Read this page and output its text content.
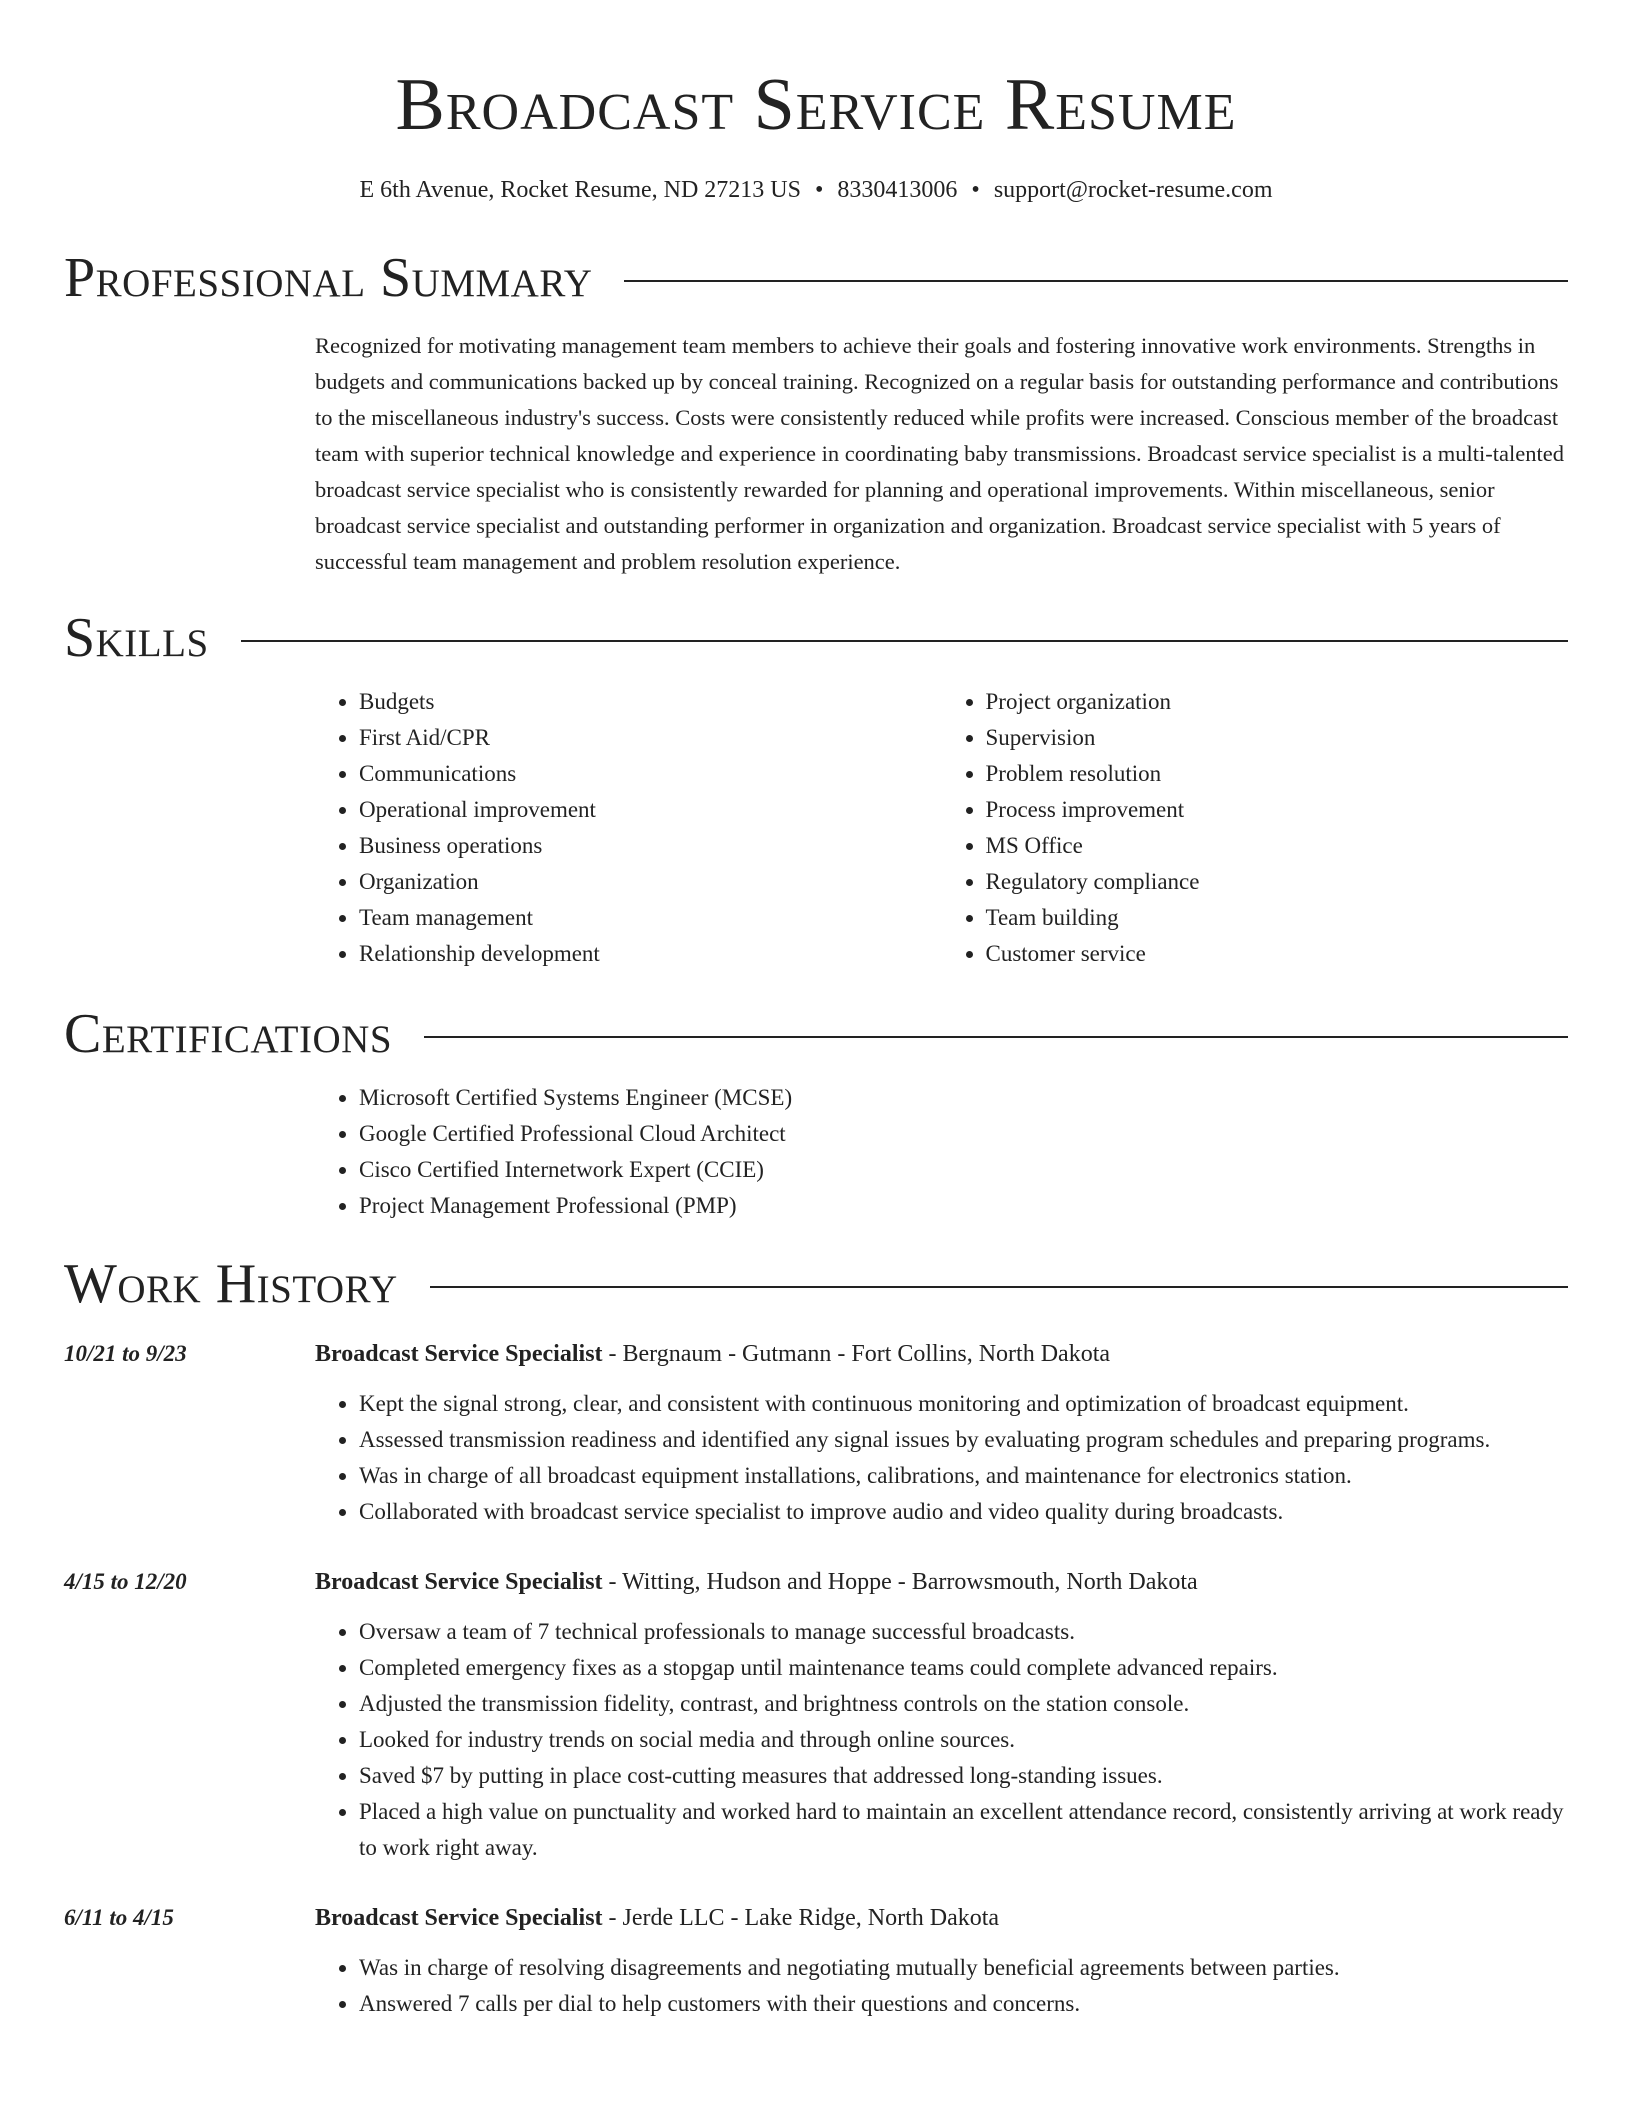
Broadcast Service Resume
E 6th Avenue, Rocket Resume, ND 27213 US • 8330413006 • support@rocket-resume.com
Professional Summary

Recognized for motivating management team members to achieve their goals and fostering innovative work environments. Strengths in budgets and communications backed up by conceal training. Recognized on a regular basis for outstanding performance and contributions to the miscellaneous industry's success. Costs were consistently reduced while profits were increased. Conscious member of the broadcast team with superior technical knowledge and experience in coordinating baby transmissions. Broadcast service specialist is a multi-talented broadcast service specialist who is consistently rewarded for planning and operational improvements. Within miscellaneous, senior broadcast service specialist and outstanding performer in organization and organization. Broadcast service specialist with 5 years of successful team management and problem resolution experience.

Skills
• Budgets
• First Aid/CPR
• Communications
• Operational improvement
• Business operations
• Organization
• Team management
• Relationship development
• Project organization
• Supervision
• Problem resolution
• Process improvement
• MS Office
• Regulatory compliance
• Team building
• Customer service
Certifications
• Microsoft Certified Systems Engineer (MCSE)
• Google Certified Professional Cloud Architect
• Cisco Certified Internetwork Expert (CCIE)
• Project Management Professional (PMP)
Work History
10/21 to 9/23	Broadcast Service Specialist - Bergnaum - Gutmann - Fort Collins, North Dakota
• Kept the signal strong, clear, and consistent with continuous monitoring and optimization of broadcast equipment.
• Assessed transmission readiness and identified any signal issues by evaluating program schedules and preparing programs.
• Was in charge of all broadcast equipment installations, calibrations, and maintenance for electronics station.
• Collaborated with broadcast service specialist to improve audio and video quality during broadcasts.
4/15 to 12/20	Broadcast Service Specialist - Witting, Hudson and Hoppe - Barrowsmouth, North Dakota
• Oversaw a team of 7 technical professionals to manage successful broadcasts.
• Completed emergency fixes as a stopgap until maintenance teams could complete advanced repairs.
• Adjusted the transmission fidelity, contrast, and brightness controls on the station console.
• Looked for industry trends on social media and through online sources.
• Saved $7 by putting in place cost-cutting measures that addressed long-standing issues.
• Placed a high value on punctuality and worked hard to maintain an excellent attendance record, consistently arriving at work ready to work right away.
6/11 to 4/15	Broadcast Service Specialist - Jerde LLC - Lake Ridge, North Dakota
• Was in charge of resolving disagreements and negotiating mutually beneficial agreements between parties.
• Answered 7 calls per dial to help customers with their questions and concerns.
